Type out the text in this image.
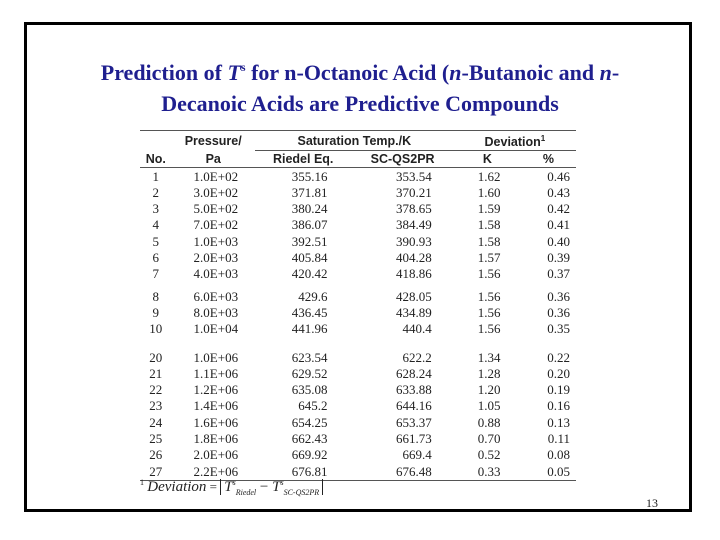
Prediction of $T^s$ for n-Octanoic Acid (n-Butanoic and n-
Decanoic Acids are Predictive Compounds
	Pressure/	Saturation Temp./K		Deviation$^1$
No.	Pa	Riedel Eq.	SC-QS2PR	K	%
1	1.0E+02	355.16	353.54	1.62	0.46
2	3.0E+02	371.81	370.21	1.60	0.43
3	5.0E+02	380.24	378.65	1.59	0.42
4	7.0E+02	386.07	384.49	1.58	0.41
5	1.0E+03	392.51	390.93	1.58	0.40
6	2.0E+03	405.84	404.28	1.57	0.39
7	4.0E+03	420.42	418.86	1.56	0.37

8	6.0E+03	429.6	428.05	1.56	0.36
9	8.0E+03	436.45	434.89	1.56	0.36
10	1.0E+04	441.96	440.4	1.56	0.35

20	1.0E+06	623.54	622.2	1.34	0.22
21	1.1E+06	629.52	628.24	1.28	0.20
22	1.2E+06	635.08	633.88	1.20	0.19
23	1.4E+06	645.2	644.16	1.05	0.16
24	1.6E+06	654.25	653.37	0.88	0.13
25	1.8E+06	662.43	661.73	0.70	0.11
26	2.0E+06	669.92	669.4	0.52	0.08
27	2.2E+06	676.81	676.48	0.33	0.05
$^1$ Deviation = $T^s_{Riedel} - T^s_{SC-QS2PR}$
13
